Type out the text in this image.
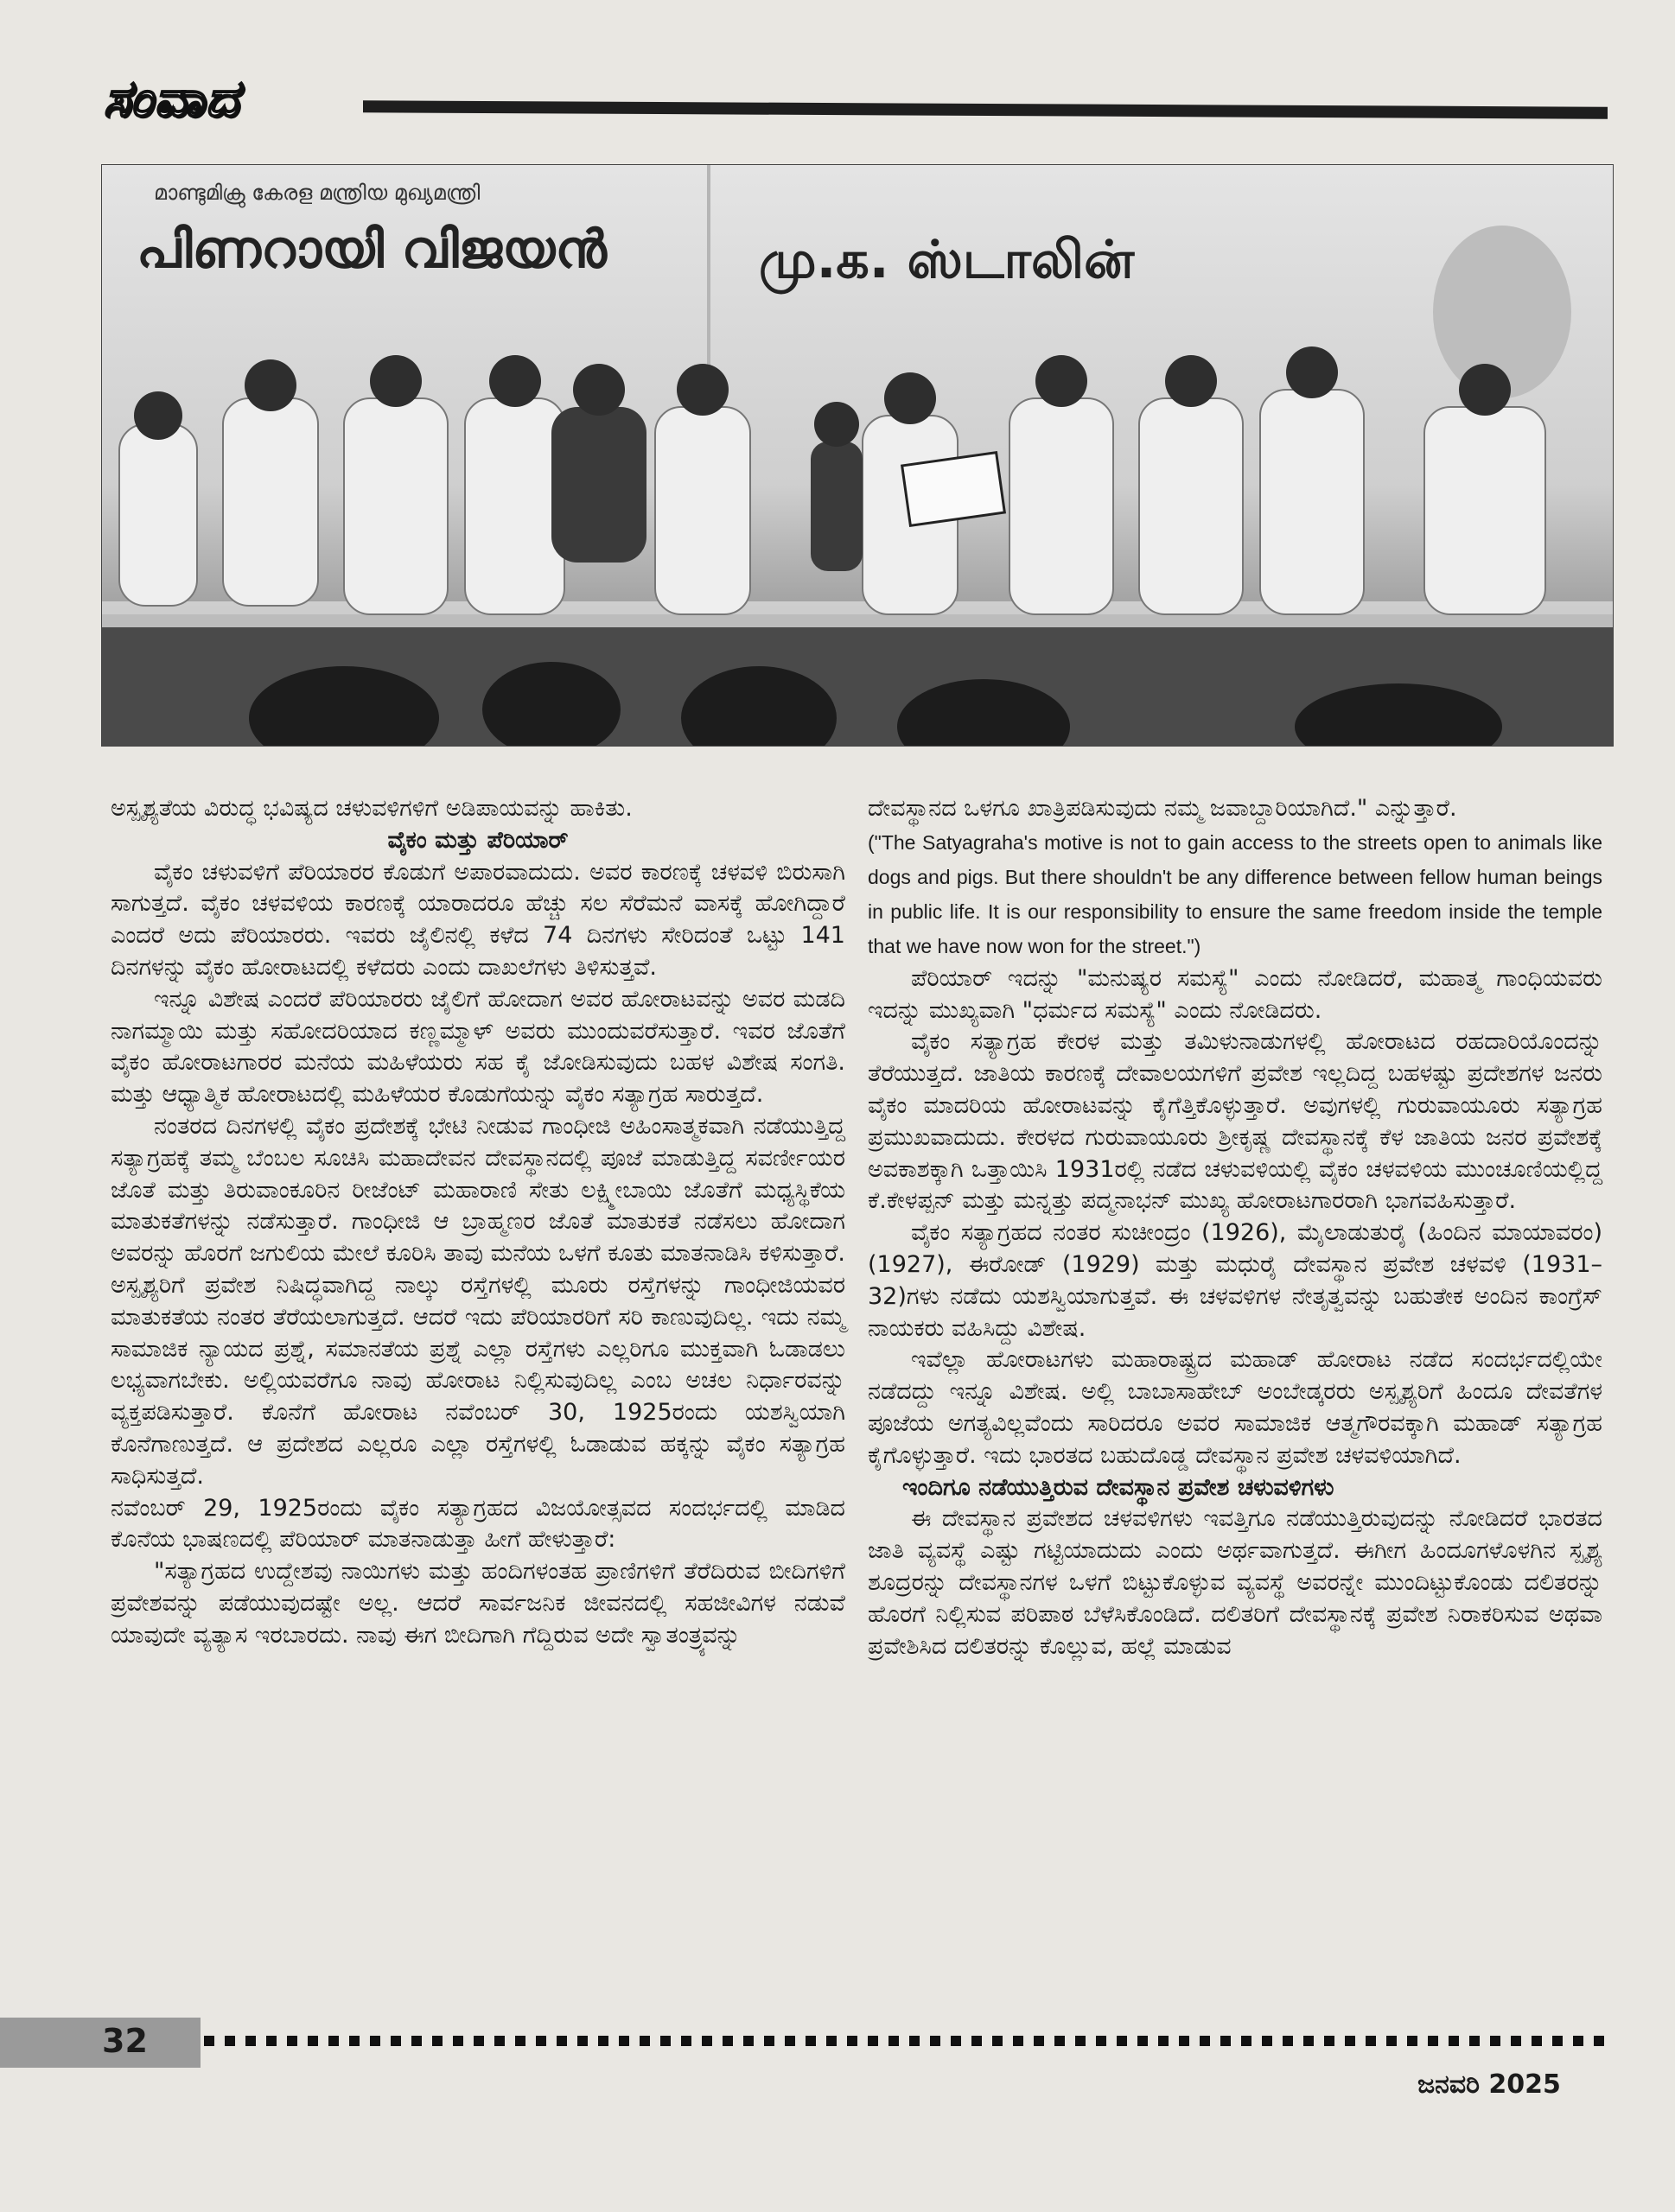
ಸಂವಾದ
മാണ്ടുമിക്രു കേരള മന്ത്രിയ മുഖ്യമന്ത്രി
പിണറായി വിജയൻ	மு.க. ஸ்டாலின்

ಅಸ್ಪೃಶ್ಯತೆಯ ವಿರುದ್ಧ ಭವಿಷ್ಯದ ಚಳುವಳಿಗಳಿಗೆ ಅಡಿಪಾಯವನ್ನು ಹಾಕಿತು.

ವೈಕಂ ಮತ್ತು ಪೆರಿಯಾರ್

ವೈಕಂ ಚಳುವಳಿಗೆ ಪೆರಿಯಾರರ ಕೊಡುಗೆ ಅಪಾರವಾದುದು. ಅವರ ಕಾರಣಕ್ಕೆ ಚಳವಳಿ ಬಿರುಸಾಗಿ ಸಾಗುತ್ತದೆ. ವೈಕಂ ಚಳವಳಿಯ ಕಾರಣಕ್ಕೆ ಯಾರಾದರೂ ಹೆಚ್ಚು ಸಲ ಸೆರೆಮನೆ ವಾಸಕ್ಕೆ ಹೋಗಿದ್ದಾರೆ ಎಂದರೆ ಅದು ಪೆರಿಯಾರರು. ಇವರು ಜೈಲಿನಲ್ಲಿ ಕಳೆದ 74 ದಿನಗಳು ಸೇರಿದಂತೆ ಒಟ್ಟು 141 ದಿನಗಳನ್ನು ವೈಕಂ ಹೋರಾಟದಲ್ಲಿ ಕಳೆದರು ಎಂದು ದಾಖಲೆಗಳು ತಿಳಿಸುತ್ತವೆ.

ಇನ್ನೂ ವಿಶೇಷ ಎಂದರೆ ಪೆರಿಯಾರರು ಜೈಲಿಗೆ ಹೋದಾಗ ಅವರ ಹೋರಾಟವನ್ನು ಅವರ ಮಡದಿ ನಾಗಮ್ಮಾಯಿ ಮತ್ತು ಸಹೋದರಿಯಾದ ಕಣ್ಣಮ್ಮಾಳ್ ಅವರು ಮುಂದುವರೆಸುತ್ತಾರೆ. ಇವರ ಜೊತೆಗೆ ವೈಕಂ ಹೋರಾಟಗಾರರ ಮನೆಯ ಮಹಿಳೆಯರು ಸಹ ಕೈ ಜೋಡಿಸುವುದು ಬಹಳ ವಿಶೇಷ ಸಂಗತಿ. ಮತ್ತು ಆಧ್ಯಾತ್ಮಿಕ ಹೋರಾಟದಲ್ಲಿ ಮಹಿಳೆಯರ ಕೊಡುಗೆಯನ್ನು ವೈಕಂ ಸತ್ಯಾಗ್ರಹ ಸಾರುತ್ತದೆ.

ನಂತರದ ದಿನಗಳಲ್ಲಿ ವೈಕಂ ಪ್ರದೇಶಕ್ಕೆ ಭೇಟಿ ನೀಡುವ ಗಾಂಧೀಜಿ ಅಹಿಂಸಾತ್ಮಕವಾಗಿ ನಡೆಯುತ್ತಿದ್ದ ಸತ್ಯಾಗ್ರಹಕ್ಕೆ ತಮ್ಮ ಬೆಂಬಲ ಸೂಚಿಸಿ ಮಹಾದೇವನ ದೇವಸ್ಥಾನದಲ್ಲಿ ಪೂಜೆ ಮಾಡುತ್ತಿದ್ದ ಸವರ್ಣೀಯರ ಜೊತೆ ಮತ್ತು ತಿರುವಾಂಕೂರಿನ ರೀಜೆಂಟ್ ಮಹಾರಾಣಿ ಸೇತು ಲಕ್ಷ್ಮೀಬಾಯಿ ಜೊತೆಗೆ ಮಧ್ಯಸ್ಥಿಕೆಯ ಮಾತುಕತೆಗಳನ್ನು ನಡೆಸುತ್ತಾರೆ. ಗಾಂಧೀಜಿ ಆ ಬ್ರಾಹ್ಮಣರ ಜೊತೆ ಮಾತುಕತೆ ನಡೆಸಲು ಹೋದಾಗ ಅವರನ್ನು ಹೊರಗೆ ಜಗುಲಿಯ ಮೇಲೆ ಕೂರಿಸಿ ತಾವು ಮನೆಯ ಒಳಗೆ ಕೂತು ಮಾತನಾಡಿಸಿ ಕಳಿಸುತ್ತಾರೆ. ಅಸ್ಪೃಶ್ಯರಿಗೆ ಪ್ರವೇಶ ನಿಷಿದ್ಧವಾಗಿದ್ದ ನಾಲ್ಕು ರಸ್ತೆಗಳಲ್ಲಿ ಮೂರು ರಸ್ತೆಗಳನ್ನು ಗಾಂಧೀಜಿಯವರ ಮಾತುಕತೆಯ ನಂತರ ತೆರೆಯಲಾಗುತ್ತದೆ. ಆದರೆ ಇದು ಪೆರಿಯಾರರಿಗೆ ಸರಿ ಕಾಣುವುದಿಲ್ಲ. ಇದು ನಮ್ಮ ಸಾಮಾಜಿಕ ನ್ಯಾಯದ ಪ್ರಶ್ನೆ, ಸಮಾನತೆಯ ಪ್ರಶ್ನೆ ಎಲ್ಲಾ ರಸ್ತೆಗಳು ಎಲ್ಲರಿಗೂ ಮುಕ್ತವಾಗಿ ಓಡಾಡಲು ಲಭ್ಯವಾಗಬೇಕು. ಅಲ್ಲಿಯವರೆಗೂ ನಾವು ಹೋರಾಟ ನಿಲ್ಲಿಸುವುದಿಲ್ಲ ಎಂಬ ಅಚಲ ನಿರ್ಧಾರವನ್ನು ವ್ಯಕ್ತಪಡಿಸುತ್ತಾರೆ. ಕೊನೆಗೆ ಹೋರಾಟ ನವೆಂಬರ್ 30, 1925ರಂದು ಯಶಸ್ವಿಯಾಗಿ ಕೊನೆಗಾಣುತ್ತದೆ. ಆ ಪ್ರದೇಶದ ಎಲ್ಲರೂ ಎಲ್ಲಾ ರಸ್ತೆಗಳಲ್ಲಿ ಓಡಾಡುವ ಹಕ್ಕನ್ನು ವೈಕಂ ಸತ್ಯಾಗ್ರಹ ಸಾಧಿಸುತ್ತದೆ.

ನವೆಂಬರ್ 29, 1925ರಂದು ವೈಕಂ ಸತ್ಯಾಗ್ರಹದ ವಿಜಯೋತ್ಸವದ ಸಂದರ್ಭದಲ್ಲಿ ಮಾಡಿದ ಕೊನೆಯ ಭಾಷಣದಲ್ಲಿ ಪೆರಿಯಾರ್ ಮಾತನಾಡುತ್ತಾ ಹೀಗೆ ಹೇಳುತ್ತಾರೆ:

"ಸತ್ಯಾಗ್ರಹದ ಉದ್ದೇಶವು ನಾಯಿಗಳು ಮತ್ತು ಹಂದಿಗಳಂತಹ ಪ್ರಾಣಿಗಳಿಗೆ ತೆರೆದಿರುವ ಬೀದಿಗಳಿಗೆ ಪ್ರವೇಶವನ್ನು ಪಡೆಯುವುದಷ್ಟೇ ಅಲ್ಲ. ಆದರೆ ಸಾರ್ವಜನಿಕ ಜೀವನದಲ್ಲಿ ಸಹಜೀವಿಗಳ ನಡುವೆ ಯಾವುದೇ ವ್ಯತ್ಯಾಸ ಇರಬಾರದು. ನಾವು ಈಗ ಬೀದಿಗಾಗಿ ಗೆದ್ದಿರುವ ಅದೇ ಸ್ವಾತಂತ್ರ್ಯವನ್ನು

ದೇವಸ್ಥಾನದ ಒಳಗೂ ಖಾತ್ರಿಪಡಿಸುವುದು ನಮ್ಮ ಜವಾಬ್ದಾರಿಯಾಗಿದೆ." ಎನ್ನುತ್ತಾರೆ.

("The Satyagraha's motive is not to gain access to the streets open to animals like dogs and pigs. But there shouldn't be any difference between fellow human beings in public life. It is our responsibility to ensure the same freedom inside the temple that we have now won for the street.")

ಪೆರಿಯಾರ್ ಇದನ್ನು "ಮನುಷ್ಯರ ಸಮಸ್ಯೆ" ಎಂದು ನೋಡಿದರೆ, ಮಹಾತ್ಮ ಗಾಂಧಿಯವರು ಇದನ್ನು ಮುಖ್ಯವಾಗಿ "ಧರ್ಮದ ಸಮಸ್ಯೆ" ಎಂದು ನೋಡಿದರು.

ವೈಕಂ ಸತ್ಯಾಗ್ರಹ ಕೇರಳ ಮತ್ತು ತಮಿಳುನಾಡುಗಳಲ್ಲಿ ಹೋರಾಟದ ರಹದಾರಿಯೊಂದನ್ನು ತೆರೆಯುತ್ತದೆ. ಜಾತಿಯ ಕಾರಣಕ್ಕೆ ದೇವಾಲಯಗಳಿಗೆ ಪ್ರವೇಶ ಇಲ್ಲದಿದ್ದ ಬಹಳಷ್ಟು ಪ್ರದೇಶಗಳ ಜನರು ವೈಕಂ ಮಾದರಿಯ ಹೋರಾಟವನ್ನು ಕೈಗೆತ್ತಿಕೊಳ್ಳುತ್ತಾರೆ. ಅವುಗಳಲ್ಲಿ ಗುರುವಾಯೂರು ಸತ್ಯಾಗ್ರಹ ಪ್ರಮುಖವಾದುದು. ಕೇರಳದ ಗುರುವಾಯೂರು ಶ್ರೀಕೃಷ್ಣ ದೇವಸ್ಥಾನಕ್ಕೆ ಕೆಳ ಜಾತಿಯ ಜನರ ಪ್ರವೇಶಕ್ಕೆ ಅವಕಾಶಕ್ಕಾಗಿ ಒತ್ತಾಯಿಸಿ 1931ರಲ್ಲಿ ನಡೆದ ಚಳುವಳಿಯಲ್ಲಿ ವೈಕಂ ಚಳವಳಿಯ ಮುಂಚೂಣಿಯಲ್ಲಿದ್ದ ಕೆ.ಕೇಳಪ್ಪನ್ ಮತ್ತು ಮನ್ನತ್ತು ಪದ್ಮನಾಭನ್ ಮುಖ್ಯ ಹೋರಾಟಗಾರರಾಗಿ ಭಾಗವಹಿಸುತ್ತಾರೆ.

ವೈಕಂ ಸತ್ಯಾಗ್ರಹದ ನಂತರ ಸುಚೀಂದ್ರಂ (1926), ಮೈಲಾಡುತುರೈ (ಹಿಂದಿನ ಮಾಯಾವರಂ) (1927), ಈರೋಡ್ (1929) ಮತ್ತು ಮಧುರೈ ದೇವಸ್ಥಾನ ಪ್ರವೇಶ ಚಳವಳಿ (1931–32)ಗಳು ನಡೆದು ಯಶಸ್ವಿಯಾಗುತ್ತವೆ. ಈ ಚಳವಳಿಗಳ ನೇತೃತ್ವವನ್ನು ಬಹುತೇಕ ಅಂದಿನ ಕಾಂಗ್ರೆಸ್ ನಾಯಕರು ವಹಿಸಿದ್ದು ವಿಶೇಷ.

ಇವೆಲ್ಲಾ ಹೋರಾಟಗಳು ಮಹಾರಾಷ್ಟ್ರದ ಮಹಾಡ್ ಹೋರಾಟ ನಡೆದ ಸಂದರ್ಭದಲ್ಲಿಯೇ ನಡೆದದ್ದು ಇನ್ನೂ ವಿಶೇಷ. ಅಲ್ಲಿ ಬಾಬಾಸಾಹೇಬ್ ಅಂಬೇಡ್ಕರರು ಅಸ್ಪೃಶ್ಯರಿಗೆ ಹಿಂದೂ ದೇವತೆಗಳ ಪೂಜೆಯ ಅಗತ್ಯವಿಲ್ಲವೆಂದು ಸಾರಿದರೂ ಅವರ ಸಾಮಾಜಿಕ ಆತ್ಮಗೌರವಕ್ಕಾಗಿ ಮಹಾಡ್ ಸತ್ಯಾಗ್ರಹ ಕೈಗೊಳ್ಳುತ್ತಾರೆ. ಇದು ಭಾರತದ ಬಹುದೊಡ್ಡ ದೇವಸ್ಥಾನ ಪ್ರವೇಶ ಚಳವಳಿಯಾಗಿದೆ.

ಇಂದಿಗೂ ನಡೆಯುತ್ತಿರುವ ದೇವಸ್ಥಾನ ಪ್ರವೇಶ ಚಳುವಳಿಗಳು

ಈ ದೇವಸ್ಥಾನ ಪ್ರವೇಶದ ಚಳವಳಿಗಳು ಇವತ್ತಿಗೂ ನಡೆಯುತ್ತಿರುವುದನ್ನು ನೋಡಿದರೆ ಭಾರತದ ಜಾತಿ ವ್ಯವಸ್ಥೆ ಎಷ್ಟು ಗಟ್ಟಿಯಾದುದು ಎಂದು ಅರ್ಥವಾಗುತ್ತದೆ. ಈಗೀಗ ಹಿಂದೂಗಳೊಳಗಿನ ಸ್ಪೃಶ್ಯ ಶೂದ್ರರನ್ನು ದೇವಸ್ಥಾನಗಳ ಒಳಗೆ ಬಿಟ್ಟುಕೊಳ್ಳುವ ವ್ಯವಸ್ಥೆ ಅವರನ್ನೇ ಮುಂದಿಟ್ಟುಕೊಂಡು ದಲಿತರನ್ನು ಹೊರಗೆ ನಿಲ್ಲಿಸುವ ಪರಿಪಾಠ ಬೆಳೆಸಿಕೊಂಡಿದೆ. ದಲಿತರಿಗೆ ದೇವಸ್ಥಾನಕ್ಕೆ ಪ್ರವೇಶ ನಿರಾಕರಿಸುವ ಅಥವಾ ಪ್ರವೇಶಿಸಿದ ದಲಿತರನ್ನು ಕೊಲ್ಲುವ, ಹಲ್ಲೆ ಮಾಡುವ

32
ಜನವರಿ 2025
